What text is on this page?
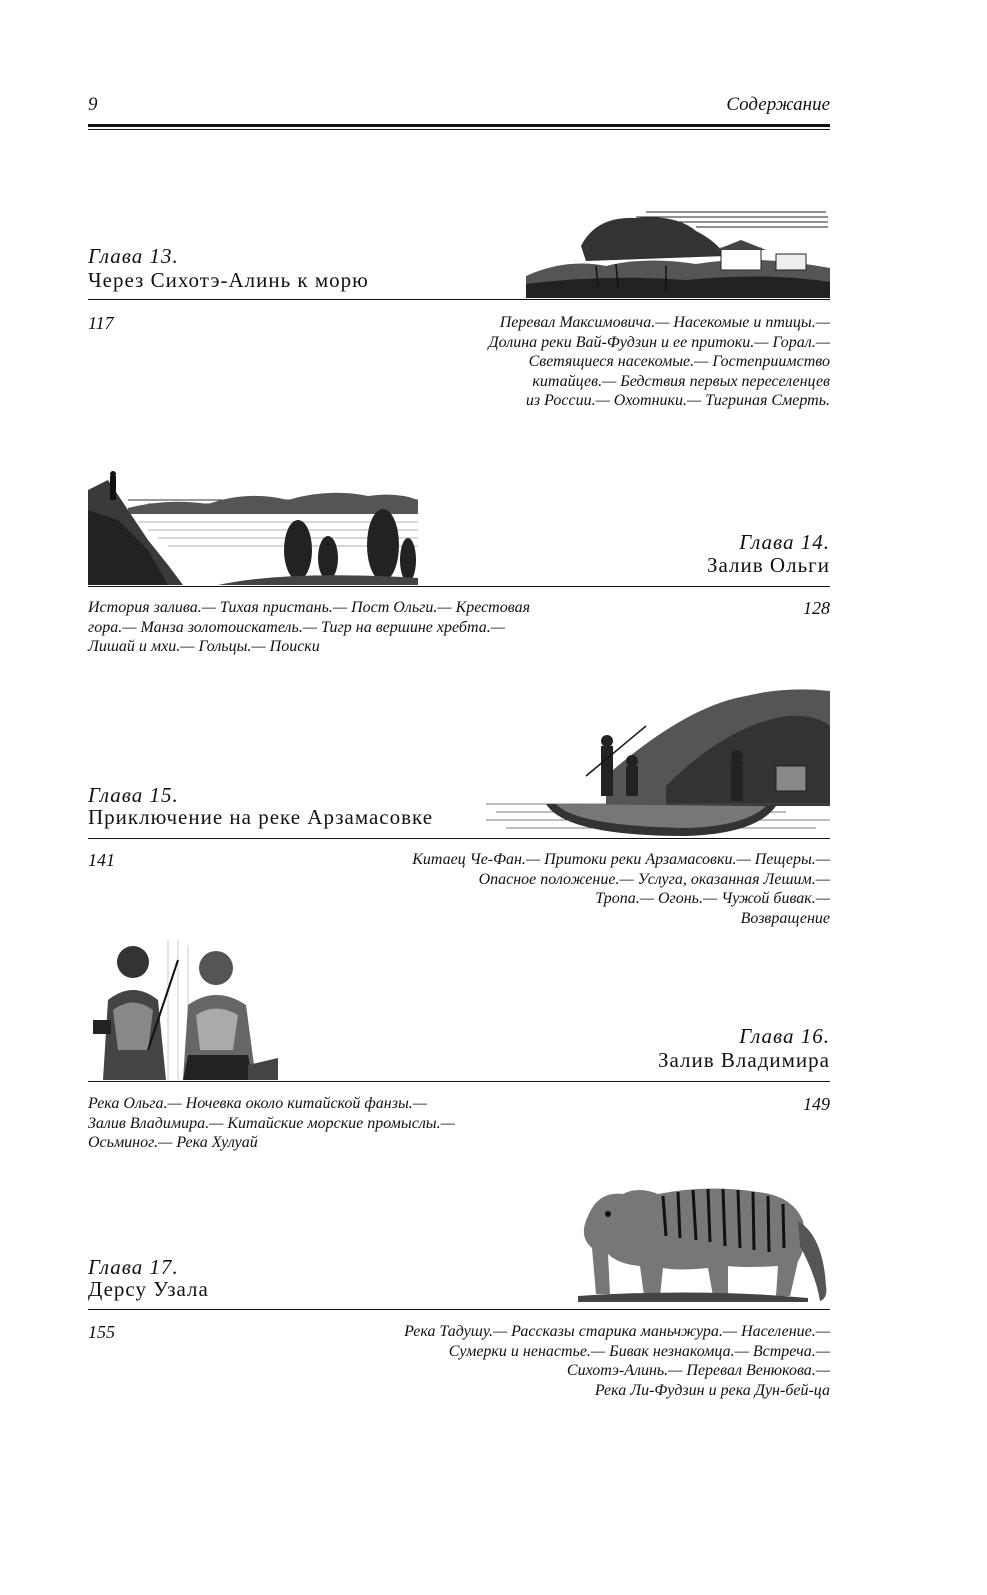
9	Содержание
Глава 13.
Через Сихотэ-Алинь к морю
117	Перевал Максимовича.— Насекомые и птицы.—
Долина реки Вай-Фудзин и ее притоки.— Горал.—
Светящиеся насекомые.— Гостеприимство
китайцев.— Бедствия первых переселенцев
из России.— Охотники.— Тигриная Смерть.
Глава 14.
Залив Ольги
История залива.— Тихая пристань.— Пост Ольги.— Крестовая
гора.— Манза золотоискатель.— Тигр на вершине хребта.—
Лишай и мхи.— Гольцы.— Поиски
128
Глава 15.
Приключение на реке Арзамасовке
141	Китаец Че-Фан.— Притоки реки Арзамасовки.— Пещеры.—
Опасное положение.— Услуга, оказанная Лешим.—
Тропа.— Огонь.— Чужой бивак.—
Возвращение
Глава 16.
Залив Владимира
Река Ольга.— Ночевка около китайской фанзы.—
Залив Владимира.— Китайские морские промыслы.—
Осьминог.— Река Хулуай
149
Глава 17.
Дерсу Узала
155	Река Тадушу.— Рассказы старика маньчжура.— Население.—
Сумерки и ненастье.— Бивак незнакомца.— Встреча.—
Сихотэ-Алинь.— Перевал Венюкова.—
Река Ли-Фудзин и река Дун-бей-ца
